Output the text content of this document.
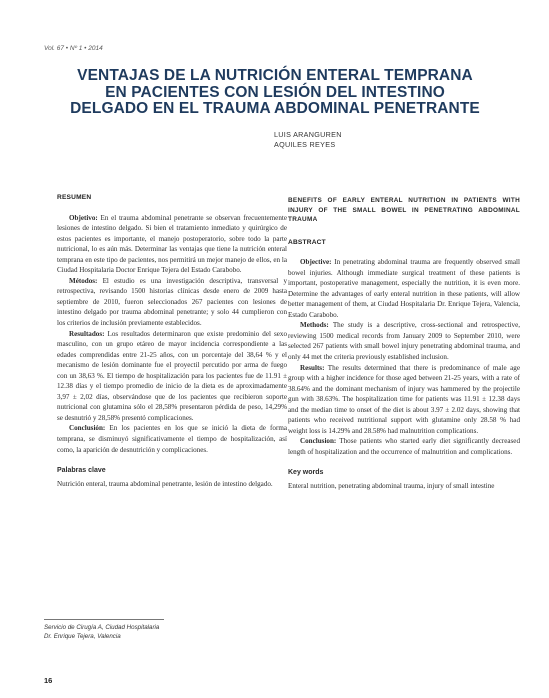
Vol. 67 • Nº 1 • 2014
VENTAJAS DE LA NUTRICIÓN ENTERAL TEMPRANA
EN PACIENTES CON LESIÓN DEL INTESTINO
DELGADO EN EL TRAUMA ABDOMINAL PENETRANTE
LUIS ARANGUREN
AQUILES REYES
RESUMEN

Objetivo: En el trauma abdominal penetrante se observan frecuentemente lesiones de intestino delgado. Si bien el tratamiento inmediato y quirúrgico de estos pacientes es importante, el manejo postoperatorio, sobre todo la parte nutricional, lo es aún más. Determinar las ventajas que tiene la nutrición enteral temprana en este tipo de pacientes, nos permitirá un mejor manejo de ellos, en la Ciudad Hospitalaria Doctor Enrique Tejera del Estado Carabobo.

Métodos: El estudio es una investigación descriptiva, transversal y retrospectiva, revisando 1500 historias clínicas desde enero de 2009 hasta septiembre de 2010, fueron seleccionados 267 pacientes con lesiones de intestino delgado por trauma abdominal penetrante; y solo 44 cumplieron con los criterios de inclusión previamente establecidos.

Resultados: Los resultados determinaron que existe predominio del sexo masculino, con un grupo etáreo de mayor incidencia correspondiente a las edades comprendidas entre 21-25 años, con un porcentaje del 38,64 % y el mecanismo de lesión dominante fue el proyectil percutido por arma de fuego con un 38,63 %. El tiempo de hospitalización para los pacientes fue de 11.91 ± 12.38 días y el tiempo promedio de inicio de la dieta es de aproximadamente 3,97 ± 2,02 días, observándose que de los pacientes que recibieron soporte nutricional con glutamina sólo el 28,58% presentaron pérdida de peso, 14,29% se desnutrió y 28,58% presentó complicaciones.

Conclusión: En los pacientes en los que se inició la dieta de forma temprana, se disminuyó significativamente el tiempo de hospitalización, así como, la aparición de desnutrición y complicaciones.

Palabras clave

Nutrición enteral, trauma abdominal penetrante, lesión de intestino delgado.

BENEFITS OF EARLY ENTERAL NUTRITION IN PATIENTS WITH INJURY OF THE SMALL BOWEL IN PENETRATING ABDOMINAL TRAUMA
ABSTRACT

Objective: In penetrating abdominal trauma are frequently observed small bowel injuries. Although immediate surgical treatment of these patients is important, postoperative management, especially the nutrition, it is even more. Determine the advantages of early enteral nutrition in these patients, will allow better management of them, at Ciudad Hospitalaria Dr. Enrique Tejera, Valencia, Estado Carabobo.

Methods: The study is a descriptive, cross-sectional and retrospective, reviewing 1500 medical records from January 2009 to September 2010, were selected 267 patients with small bowel injury penetrating abdominal trauma, and only 44 met the criteria previously established inclusion.

Results: The results determined that there is predominance of male age group with a higher incidence for those aged between 21-25 years, with a rate of 38.64% and the dominant mechanism of injury was hammered by the projectile gun with 38.63%. The hospitalization time for patients was 11.91 ± 12.38 days and the median time to onset of the diet is about 3.97 ± 2.02 days, showing that patients who received nutritional support with glutamine only 28.58 % had weight loss is 14.29% and 28.58% had malnutrition complications.

Conclusion: Those patients who started early diet significantly decreased length of hospitalization and the occurrence of malnutrition and complications.

Key words

Enteral nutrition, penetrating abdominal trauma, injury of small intestine

Servicio de Cirugía A, Ciudad Hospitalaria
Dr. Enrique Tejera, Valencia
16
